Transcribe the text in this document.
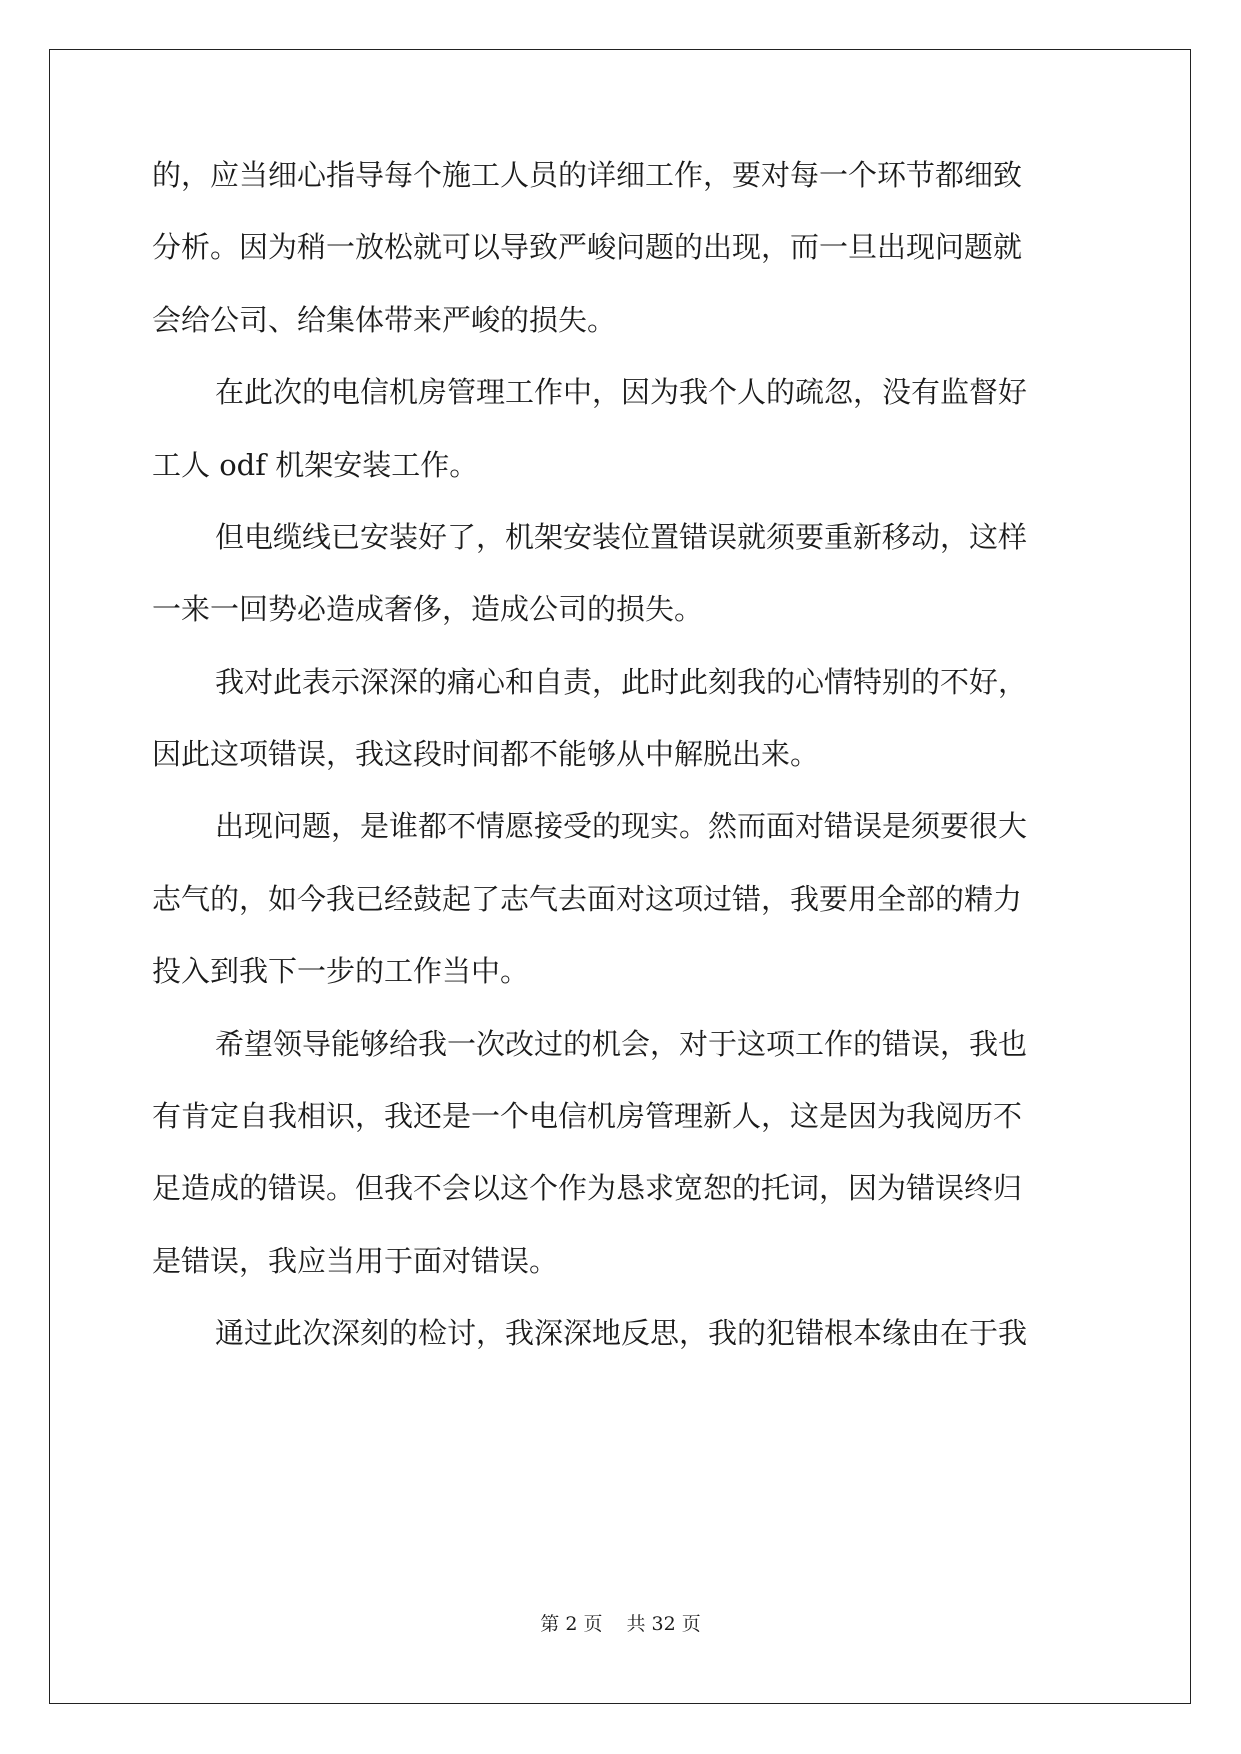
的，应当细心指导每个施工人员的详细工作，要对每一个环节都细致
分析。因为稍一放松就可以导致严峻问题的出现，而一旦出现问题就
会给公司、给集体带来严峻的损失。
在此次的电信机房管理工作中，因为我个人的疏忽，没有监督好
工人 odf 机架安装工作。
但电缆线已安装好了，机架安装位置错误就须要重新移动，这样
一来一回势必造成奢侈，造成公司的损失。
我对此表示深深的痛心和自责，此时此刻我的心情特别的不好，
因此这项错误，我这段时间都不能够从中解脱出来。
出现问题，是谁都不情愿接受的现实。然而面对错误是须要很大
志气的，如今我已经鼓起了志气去面对这项过错，我要用全部的精力
投入到我下一步的工作当中。
希望领导能够给我一次改过的机会，对于这项工作的错误，我也
有肯定自我相识，我还是一个电信机房管理新人，这是因为我阅历不
足造成的错误。但我不会以这个作为恳求宽恕的托词，因为错误终归
是错误，我应当用于面对错误。
通过此次深刻的检讨，我深深地反思，我的犯错根本缘由在于我
第 2 页 共 32 页
